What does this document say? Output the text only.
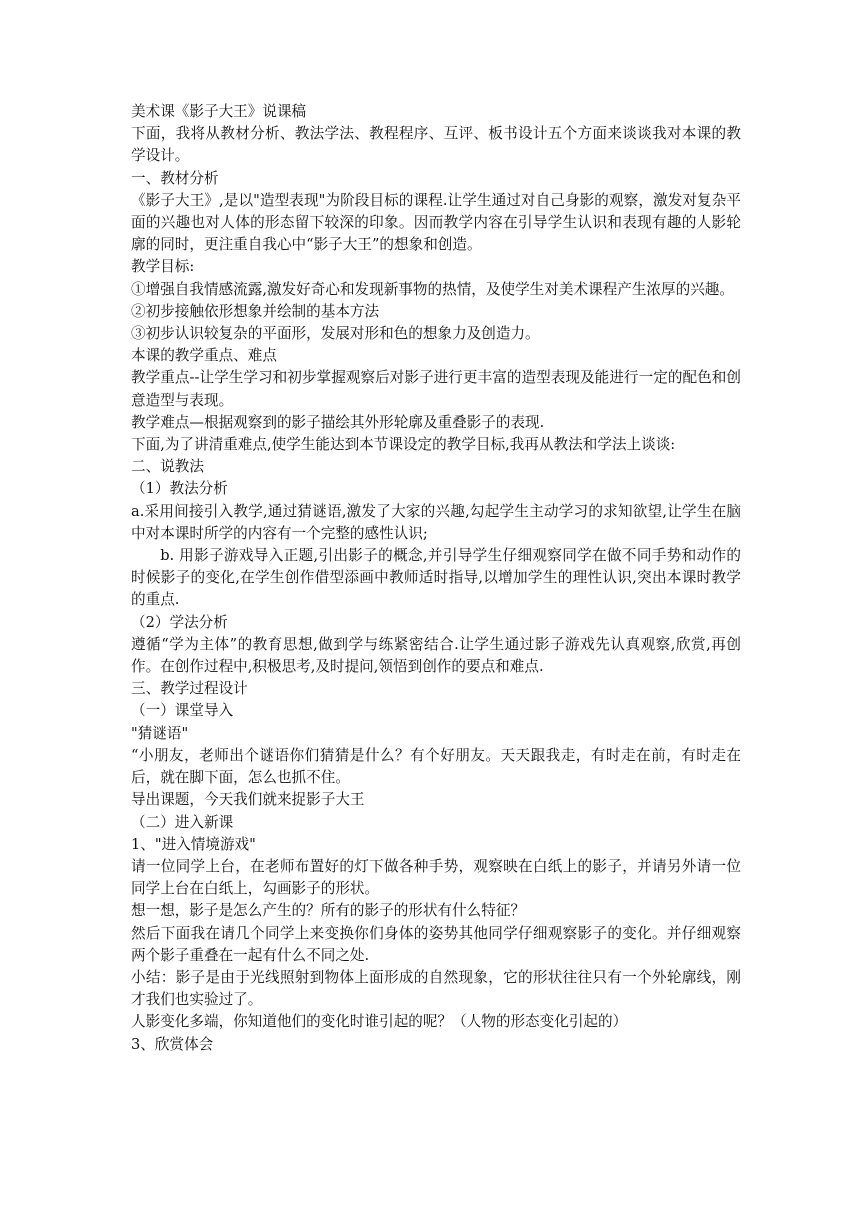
美术课《影子大王》说课稿

下面，我将从教材分析、教法学法、教程程序、互评、板书设计五个方面来谈谈我对本课的教学设计。

一、教材分析

《影子大王》,是以"造型表现"为阶段目标的课程.让学生通过对自己身影的观察，激发对复杂平面的兴趣也对人体的形态留下较深的印象。因而教学内容在引导学生认识和表现有趣的人影轮廓的同时，更注重自我心中“影子大王”的想象和创造。

教学目标:

①增强自我情感流露,激发好奇心和发现新事物的热情，及使学生对美术课程产生浓厚的兴趣。

②初步接触依形想象并绘制的基本方法

③初步认识较复杂的平面形，发展对形和色的想象力及创造力。

本课的教学重点、难点

教学重点--让学生学习和初步掌握观察后对影子进行更丰富的造型表现及能进行一定的配色和创意造型与表现。

教学难点—根据观察到的影子描绘其外形轮廓及重叠影子的表现.

下面,为了讲清重难点,使学生能达到本节课设定的教学目标,我再从教法和学法上谈谈:

二、说教法

（1）教法分析

a.采用间接引入教学,通过猜谜语,激发了大家的兴趣,勾起学生主动学习的求知欲望,让学生在脑中对本课时所学的内容有一个完整的感性认识;

b. 用影子游戏导入正题,引出影子的概念,并引导学生仔细观察同学在做不同手势和动作的时候影子的变化,在学生创作借型添画中教师适时指导,以增加学生的理性认识,突出本课时教学的重点.

（2）学法分析

遵循“学为主体”的教育思想,做到学与练紧密结合.让学生通过影子游戏先认真观察,欣赏,再创作。在创作过程中,积极思考,及时提问,领悟到创作的要点和难点.

三、教学过程设计

（一）课堂导入

"猜谜语"

“小朋友，老师出个谜语你们猜猜是什么？有个好朋友。天天跟我走，有时走在前，有时走在后，就在脚下面，怎么也抓不住。

导出课题，今天我们就来捉影子大王

（二）进入新课

1、"进入情境游戏"

请一位同学上台，在老师布置好的灯下做各种手势，观察映在白纸上的影子，并请另外请一位同学上台在白纸上，勾画影子的形状。

想一想，影子是怎么产生的？所有的影子的形状有什么特征？

然后下面我在请几个同学上来变换你们身体的姿势其他同学仔细观察影子的变化。并仔细观察两个影子重叠在一起有什么不同之处.

小结：影子是由于光线照射到物体上面形成的自然现象，它的形状往往只有一个外轮廓线，刚才我们也实验过了。

人影变化多端，你知道他们的变化时谁引起的呢？（人物的形态变化引起的）

3、欣赏体会
